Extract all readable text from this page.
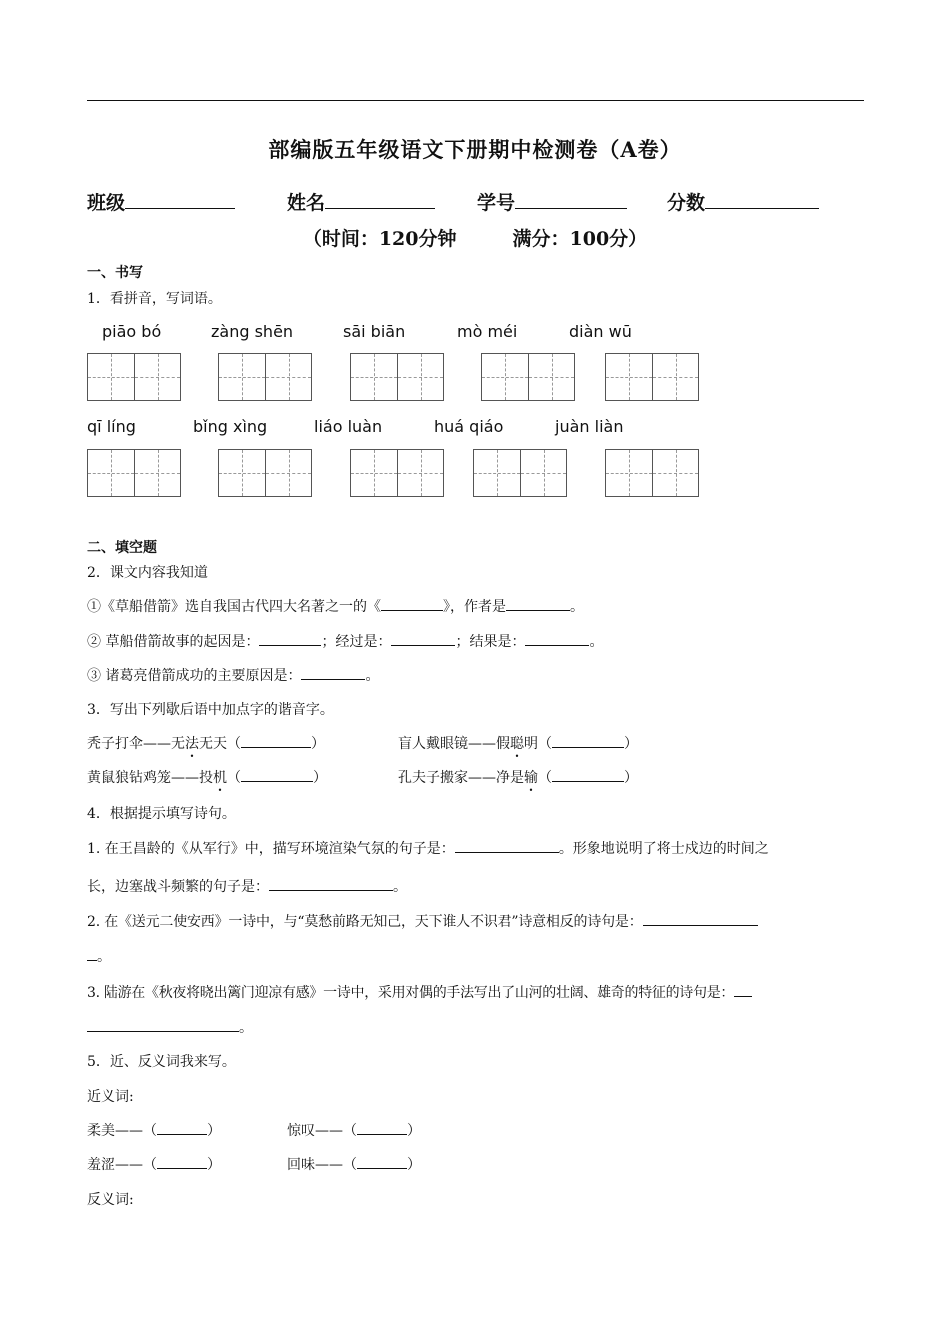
部编版五年级语文下册期中检测卷（A卷）
班级	姓名	学号	分数
（时间：120分钟	满分：100分）
一、书写
1．看拼音，写词语。
piāo bó	zàng shēn	sāi biān	mò méi	diàn wū
qī líng	bǐng xìng	liáo luàn	huá qiáo	juàn liàn
二、填空题
2．课文内容我知道
①《草船借箭》选自我国古代四大名著之一的《	》，作者是	。
② 草船借箭故事的起因是：	；经过是：	；结果是：	。
③ 诸葛亮借箭成功的主要原因是：	。
3．写出下列歇后语中加点字的谐音字。
秃子打伞——无法无天（	）	盲人戴眼镜——假聪明（	）
黄鼠狼钻鸡笼——投机（	）	孔夫子搬家——净是输（	）
4．根据提示填写诗句。
1. 在王昌龄的《从军行》中，描写环境渲染气氛的句子是：	。形象地说明了将士戍边的时间之
长，边塞战斗频繁的句子是：	。
2. 在《送元二使安西》一诗中，与“莫愁前路无知己，天下谁人不识君”诗意相反的诗句是：
。
3. 陆游在《秋夜将晓出篱门迎凉有感》一诗中，采用对偶的手法写出了山河的壮阔、雄奇的特征的诗句是：
。
5．近、反义词我来写。
近义词:
柔美——（	）	惊叹——（	）
羞涩——（	）	回味——（	）
反义词:
